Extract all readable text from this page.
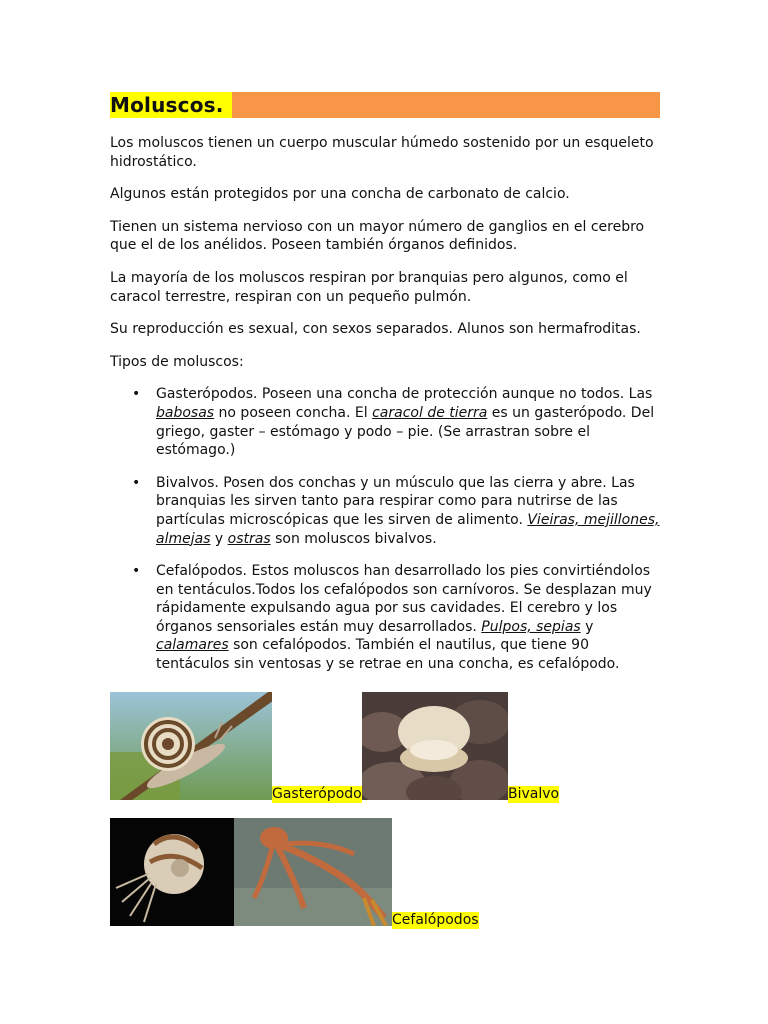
Moluscos.

Los moluscos tienen un cuerpo muscular húmedo sostenido por un esqueleto hidrostático.

Algunos están protegidos por una concha de carbonato de calcio.

Tienen un sistema nervioso con un mayor número de ganglios en el cerebro que el de los anélidos. Poseen también órganos definidos.

La mayoría de los moluscos respiran por branquias pero algunos, como el caracol terrestre, respiran con un pequeño pulmón.

Su reproducción es sexual, con sexos separados. Alunos son hermafroditas.

Tipos de moluscos:

• Gasterópodos. Poseen una concha de protección aunque no todos. Las babosas no poseen concha. El caracol de tierra es un gasterópodo. Del griego, gaster – estómago y podo – pie. (Se arrastran sobre el estómago.)
• Bivalvos. Posen dos conchas y un músculo que las cierra y abre. Las branquias les sirven tanto para respirar como para nutrirse de las partículas microscópicas que les sirven de alimento. Vieiras, mejillones, almejas y ostras son moluscos bivalvos.
• Cefalópodos. Estos moluscos han desarrollado los pies convirtiéndolos en tentáculos.Todos los cefalópodos son carnívoros. Se desplazan muy rápidamente expulsando agua por sus cavidades. El cerebro y los órganos sensoriales están muy desarrollados. Pulpos, sepias y calamares son cefalópodos. También el nautilus, que tiene 90 tentáculos sin ventosas y se retrae en una concha, es cefalópodo.
Gasterópodo	Bivalvo
Cefalópodos
